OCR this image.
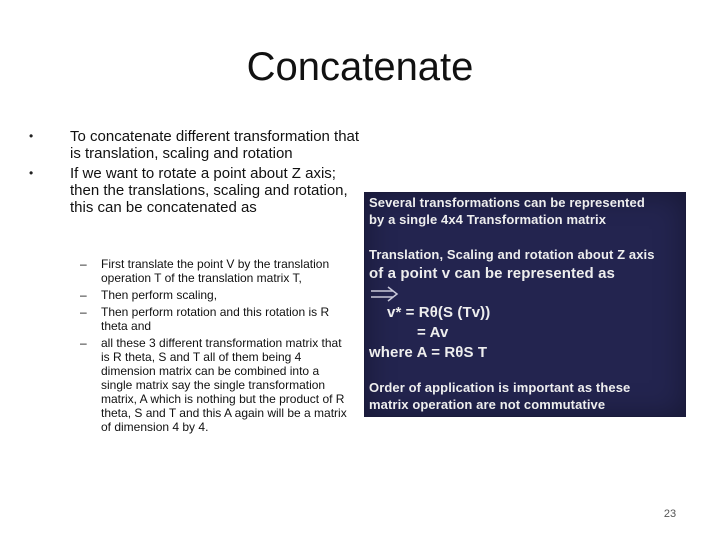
Concatenate
• To concatenate different transformation that is translation, scaling and rotation
• If we want to rotate a point about Z axis; then the translations, scaling and rotation, this can be concatenated as
– First translate the point V by the translation operation T of the translation matrix T,
– Then perform scaling,
– Then perform rotation and this rotation is R theta and
– all these 3 different transformation matrix that is R theta, S and T all of them being 4 dimension matrix can be combined into a single matrix say the single transformation matrix, A which is nothing but the product of R theta, S and T and this A again will be a matrix of dimension 4 by 4.
Several transformations can be represented
by a single 4x4 Transformation matrix
Translation, Scaling and rotation about Z axis
of a point v can be represented as
v* = Rθ(S (Tv))
= Av
where A = RθS T
Order of application is important as these
matrix operation are not commutative
23
